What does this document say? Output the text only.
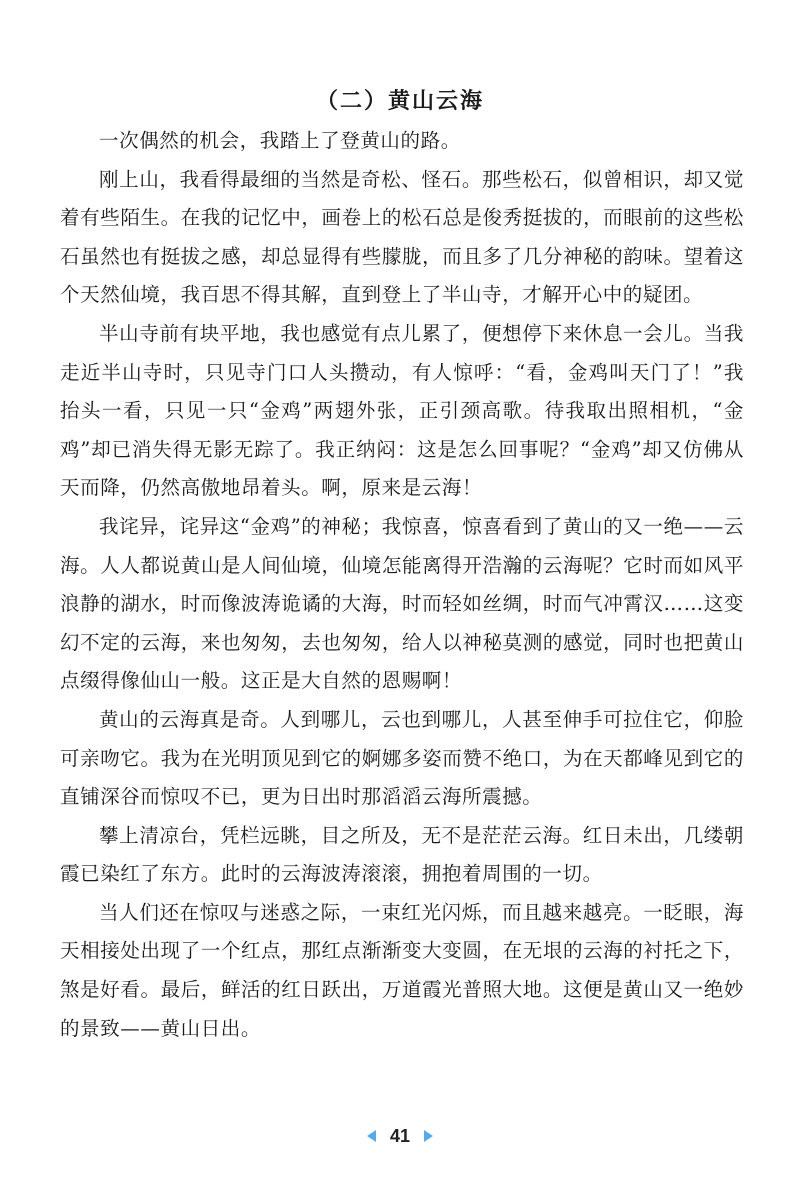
（二）黄山云海

一次偶然的机会，我踏上了登黄山的路。

刚上山，我看得最细的当然是奇松、怪石。那些松石，似曾相识，却又觉着有些陌生。在我的记忆中，画卷上的松石总是俊秀挺拔的，而眼前的这些松石虽然也有挺拔之感，却总显得有些朦胧，而且多了几分神秘的韵味。望着这个天然仙境，我百思不得其解，直到登上了半山寺，才解开心中的疑团。

半山寺前有块平地，我也感觉有点儿累了，便想停下来休息一会儿。当我走近半山寺时，只见寺门口人头攒动，有人惊呼：“看，金鸡叫天门了！”我抬头一看，只见一只“金鸡”两翅外张，正引颈高歌。待我取出照相机，“金鸡”却已消失得无影无踪了。我正纳闷：这是怎么回事呢？“金鸡”却又仿佛从天而降，仍然高傲地昂着头。啊，原来是云海！

我诧异，诧异这“金鸡”的神秘；我惊喜，惊喜看到了黄山的又一绝——云海。人人都说黄山是人间仙境，仙境怎能离得开浩瀚的云海呢？它时而如风平浪静的湖水，时而像波涛诡谲的大海，时而轻如丝绸，时而气冲霄汉……这变幻不定的云海，来也匆匆，去也匆匆，给人以神秘莫测的感觉，同时也把黄山点缀得像仙山一般。这正是大自然的恩赐啊！

黄山的云海真是奇。人到哪儿，云也到哪儿，人甚至伸手可拉住它，仰脸可亲吻它。我为在光明顶见到它的婀娜多姿而赞不绝口，为在天都峰见到它的直铺深谷而惊叹不已，更为日出时那滔滔云海所震撼。

攀上清凉台，凭栏远眺，目之所及，无不是茫茫云海。红日未出，几缕朝霞已染红了东方。此时的云海波涛滚滚，拥抱着周围的一切。

当人们还在惊叹与迷惑之际，一束红光闪烁，而且越来越亮。一眨眼，海天相接处出现了一个红点，那红点渐渐变大变圆，在无垠的云海的衬托之下，煞是好看。最后，鲜活的红日跃出，万道霞光普照大地。这便是黄山又一绝妙的景致——黄山日出。

41
